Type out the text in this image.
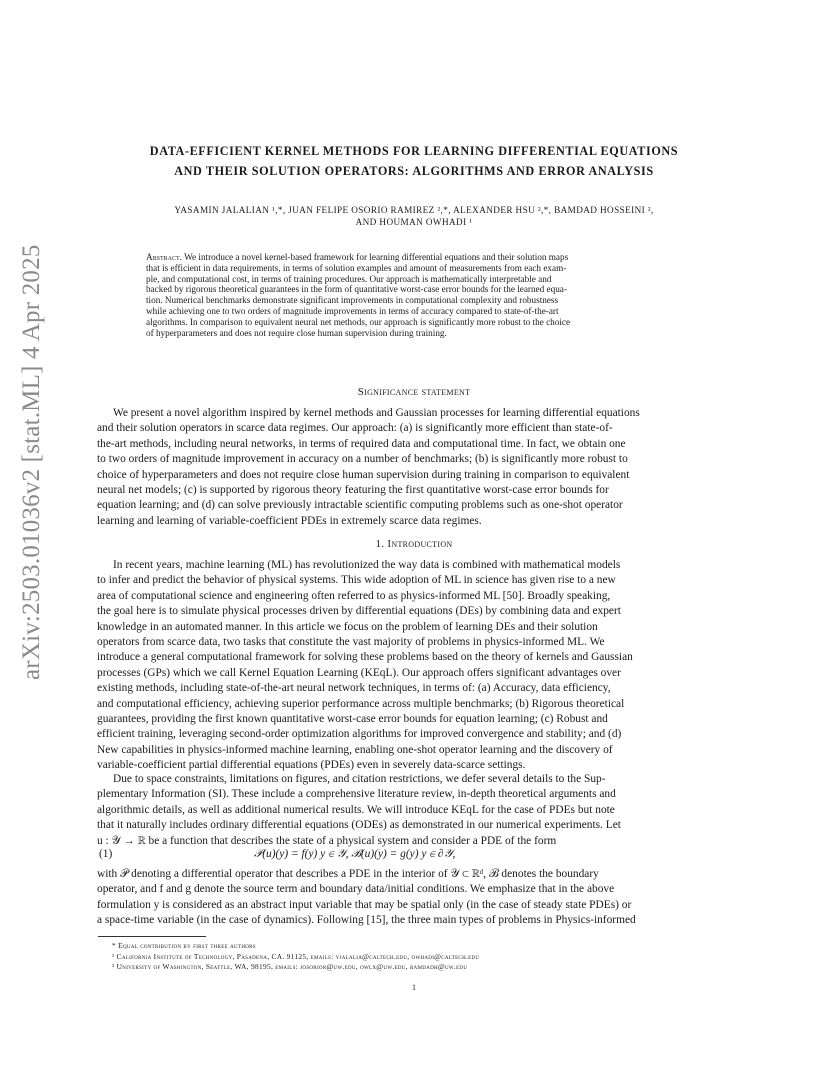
arXiv:2503.01036v2 [stat.ML] 4 Apr 2025
DATA-EFFICIENT KERNEL METHODS FOR LEARNING DIFFERENTIAL EQUATIONS
AND THEIR SOLUTION OPERATORS: ALGORITHMS AND ERROR ANALYSIS
YASAMIN JALALIAN ¹,*, JUAN FELIPE OSORIO RAMIREZ ²,*, ALEXANDER HSU ²,*, BAMDAD HOSSEINI ²,
AND HOUMAN OWHADI ¹
Abstract. We introduce a novel kernel-based framework for learning differential equations and their solution maps
that is efficient in data requirements, in terms of solution examples and amount of measurements from each exam-
ple, and computational cost, in terms of training procedures. Our approach is mathematically interpretable and
backed by rigorous theoretical guarantees in the form of quantitative worst-case error bounds for the learned equa-
tion. Numerical benchmarks demonstrate significant improvements in computational complexity and robustness
while achieving one to two orders of magnitude improvements in terms of accuracy compared to state-of-the-art
algorithms. In comparison to equivalent neural net methods, our approach is significantly more robust to the choice
of hyperparameters and does not require close human supervision during training.
Significance statement
We present a novel algorithm inspired by kernel methods and Gaussian processes for learning differential equations
and their solution operators in scarce data regimes. Our approach: (a) is significantly more efficient than state-of-
the-art methods, including neural networks, in terms of required data and computational time. In fact, we obtain one
to two orders of magnitude improvement in accuracy on a number of benchmarks; (b) is significantly more robust to
choice of hyperparameters and does not require close human supervision during training in comparison to equivalent
neural net models; (c) is supported by rigorous theory featuring the first quantitative worst-case error bounds for
equation learning; and (d) can solve previously intractable scientific computing problems such as one-shot operator
learning and learning of variable-coefficient PDEs in extremely scarce data regimes.
1. Introduction
In recent years, machine learning (ML) has revolutionized the way data is combined with mathematical models
to infer and predict the behavior of physical systems. This wide adoption of ML in science has given rise to a new
area of computational science and engineering often referred to as physics-informed ML [50]. Broadly speaking,
the goal here is to simulate physical processes driven by differential equations (DEs) by combining data and expert
knowledge in an automated manner. In this article we focus on the problem of learning DEs and their solution
operators from scarce data, two tasks that constitute the vast majority of problems in physics-informed ML. We
introduce a general computational framework for solving these problems based on the theory of kernels and Gaussian
processes (GPs) which we call Kernel Equation Learning (KEqL). Our approach offers significant advantages over
existing methods, including state-of-the-art neural network techniques, in terms of: (a) Accuracy, data efficiency,
and computational efficiency, achieving superior performance across multiple benchmarks; (b) Rigorous theoretical
guarantees, providing the first known quantitative worst-case error bounds for equation learning; (c) Robust and
efficient training, leveraging second-order optimization algorithms for improved convergence and stability; and (d)
New capabilities in physics-informed machine learning, enabling one-shot operator learning and the discovery of
variable-coefficient partial differential equations (PDEs) even in severely data-scarce settings.
Due to space constraints, limitations on figures, and citation restrictions, we defer several details to the Sup-
plementary Information (SI). These include a comprehensive literature review, in-depth theoretical arguments and
algorithmic details, as well as additional numerical results. We will introduce KEqL for the case of PDEs but note
that it naturally includes ordinary differential equations (ODEs) as demonstrated in our numerical experiments. Let
u : 𝒴 → ℝ be a function that describes the state of a physical system and consider a PDE of the form
(1)	𝒫(u)(y) = f(y) y ∈ 𝒴, ℬ(u)(y) = g(y) y ∈ ∂𝒴,
with 𝒫 denoting a differential operator that describes a PDE in the interior of 𝒴 ⊂ ℝᵈ, ℬ denotes the boundary
operator, and f and g denote the source term and boundary data/initial conditions. We emphasize that in the above
formulation y is considered as an abstract input variable that may be spatial only (in the case of steady state PDEs) or
a space-time variable (in the case of dynamics). Following [15], the three main types of problems in Physics-informed
* Equal contribution by first three authors
¹ California Institute of Technology, Pasadena, CA. 91125, emails: yjalalia@caltech.edu, owhadi@caltech.edu
² University of Washington, Seattle, WA, 98195, emails: josorior@uw.edu, owlx@uw.edu, bamdadh@uw.edu
1
